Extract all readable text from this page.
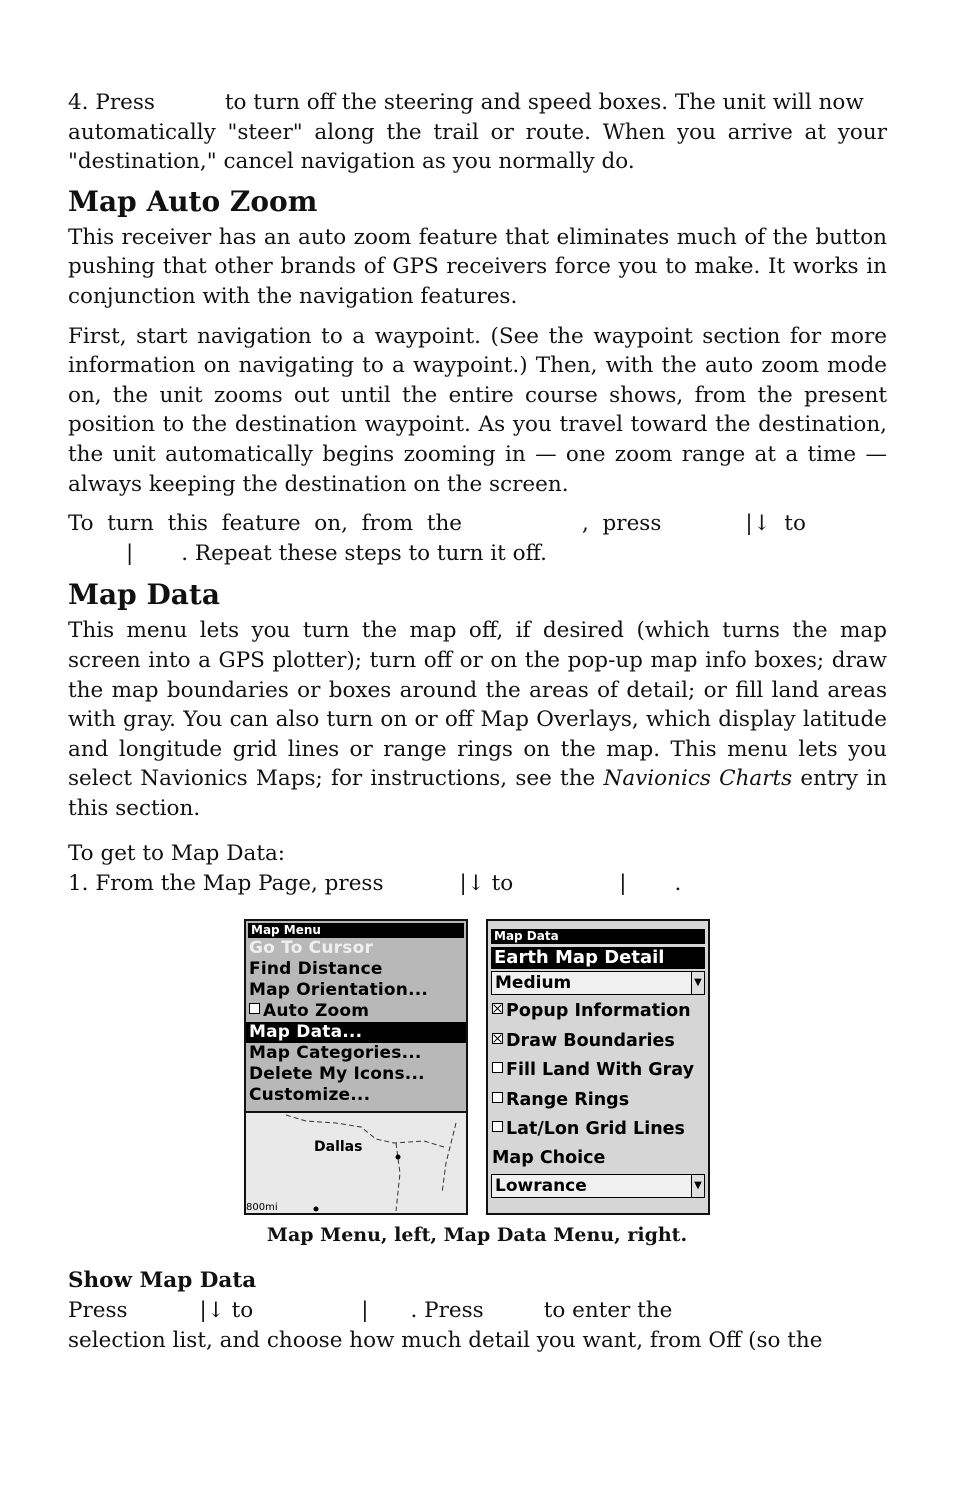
4. Press	to turn off the steering and speed boxes. The unit will now

automatically "steer" along the trail or route. When you arrive at your "destination," cancel navigation as you normally do.

Map Auto Zoom

This receiver has an auto zoom feature that eliminates much of the button pushing that other brands of GPS receivers force you to make. It works in conjunction with the navigation features.

First, start navigation to a waypoint. (See the waypoint section for more information on navigating to a waypoint.) Then, with the auto zoom mode on, the unit zooms out until the entire course shows, from the present position to the destination waypoint. As you travel toward the destination, the unit automatically begins zooming in — one zoom range at a time — always keeping the destination on the screen.

To  turn  this  feature  on,  from  the	,  press	|↓  to

| . Repeat these steps to turn it off.

Map Data

This menu lets you turn the map off, if desired (which turns the map screen into a GPS plotter); turn off or on the pop-up map info boxes; draw the map boundaries or boxes around the areas of detail; or fill land areas with gray. You can also turn on or off Map Overlays, which display latitude and longitude grid lines or range rings on the map. This menu lets you select Navionics Maps; for instructions, see the Navionics Charts entry in this section.

To get to Map Data:

1. From the Map Page, press	|↓ to	| .

Map Menu
Go To Cursor
Find Distance
Map Orientation...
Auto Zoom
Map Data...
Map Categories...
Delete My Icons...
Customize...
Dallas
800mi
Map Data
Earth Map Detail
Medium	▼
Popup Information
Draw Boundaries
Fill Land With Gray
Range Rings
Lat/Lon Grid Lines
Map Choice
Lowrance	▼
Map Menu, left, Map Data Menu, right.

Show Map Data

Press	|↓ to	| . Press	to enter the

selection list, and choose how much detail you want, from Off (so the
